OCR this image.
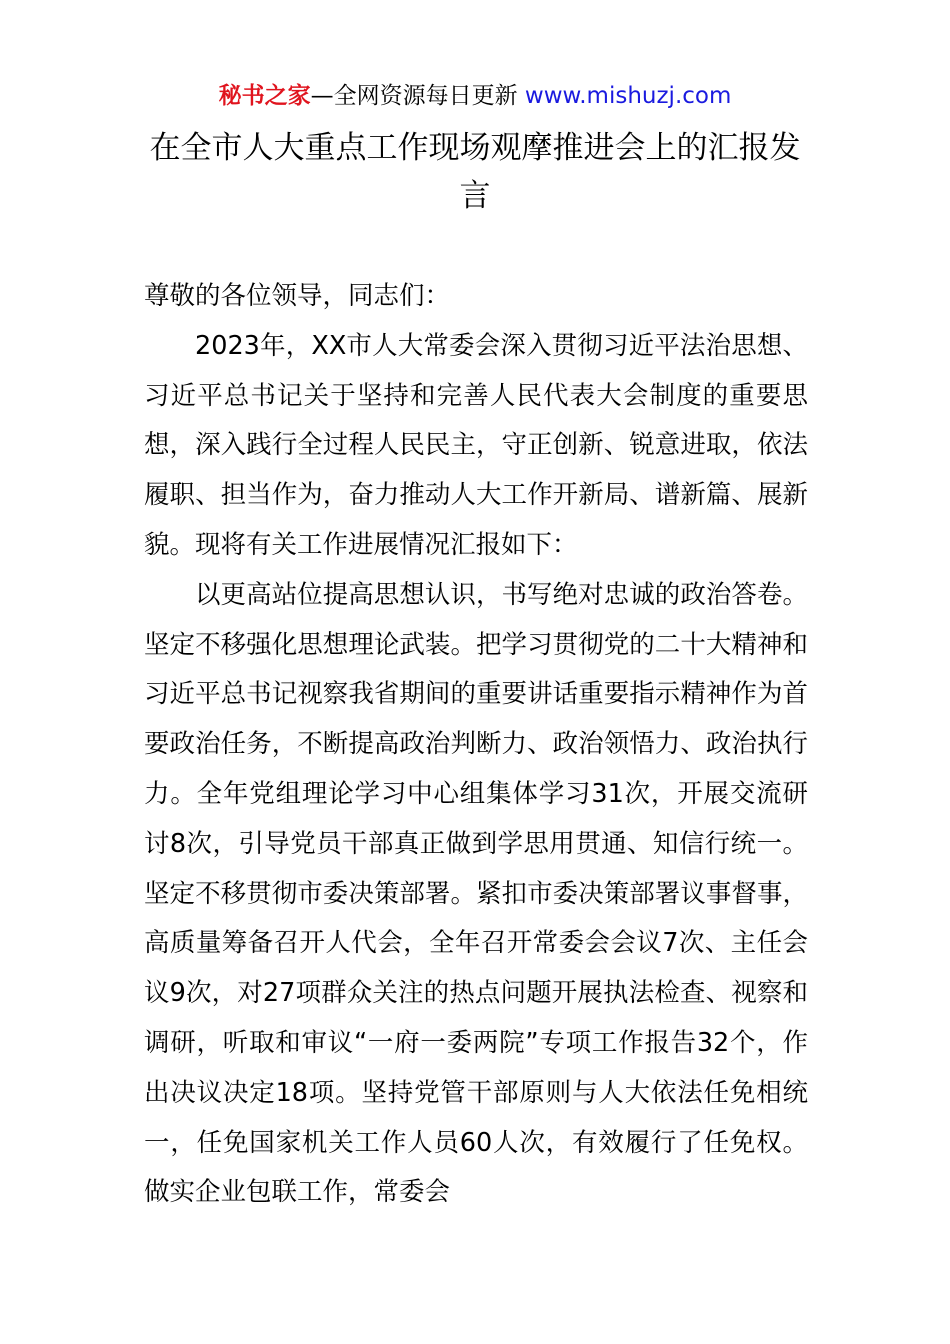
秘书之家—全网资源每日更新 www.mishuzj.com
在全市人大重点工作现场观摩推进会上的汇报发言

尊敬的各位领导，同志们：

2023年，XX市人大常委会深入贯彻习近平法治思想、习近平总书记关于坚持和完善人民代表大会制度的重要思想，深入践行全过程人民民主，守正创新、锐意进取，依法履职、担当作为，奋力推动人大工作开新局、谱新篇、展新貌。现将有关工作进展情况汇报如下：

以更高站位提高思想认识，书写绝对忠诚的政治答卷。坚定不移强化思想理论武装。把学习贯彻党的二十大精神和习近平总书记视察我省期间的重要讲话重要指示精神作为首要政治任务，不断提高政治判断力、政治领悟力、政治执行力。全年党组理论学习中心组集体学习31次，开展交流研讨8次，引导党员干部真正做到学思用贯通、知信行统一。坚定不移贯彻市委决策部署。紧扣市委决策部署议事督事，高质量筹备召开人代会，全年召开常委会会议7次、主任会议9次，对27项群众关注的热点问题开展执法检查、视察和调研，听取和审议“一府一委两院”专项工作报告32个，作出决议决定18项。坚持党管干部原则与人大依法任免相统一，任免国家机关工作人员60人次，有效履行了任免权。做实企业包联工作，常委会
